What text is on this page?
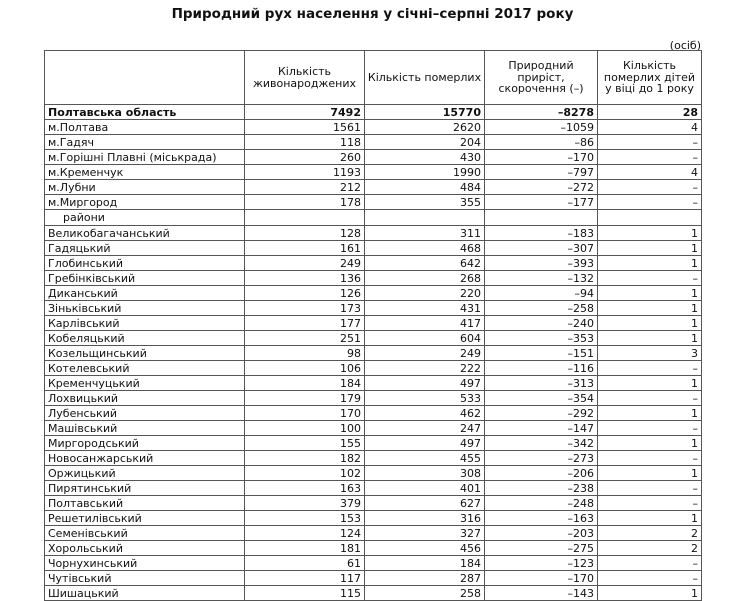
Природний рух населення у січні–серпні 2017 року
(осіб)
	Кількість живонароджених	Кількість померлих	Природний приріст, скорочення (–)	Кількість померлих дітей у віці до 1 року
Полтавська область	7492	15770	–8278	28
м.Полтава	1561	2620	–1059	4
м.Гадяч	118	204	–86	–
м.Горішні Плавні (міськрада)	260	430	–170	–
м.Кременчук	1193	1990	–797	4
м.Лубни	212	484	–272	–
м.Миргород	178	355	–177	–
райони				
Великобагачанський	128	311	–183	1
Гадяцький	161	468	–307	1
Глобинський	249	642	–393	1
Гребінківський	136	268	–132	–
Диканський	126	220	–94	1
Зіньківський	173	431	–258	1
Карлівський	177	417	–240	1
Кобеляцький	251	604	–353	1
Козельщинський	98	249	–151	3
Котелевський	106	222	–116	–
Кременчуцький	184	497	–313	1
Лохвицький	179	533	–354	–
Лубенський	170	462	–292	1
Машівський	100	247	–147	–
Миргородський	155	497	–342	1
Новосанжарський	182	455	–273	–
Оржицький	102	308	–206	1
Пирятинський	163	401	–238	–
Полтавський	379	627	–248	–
Решетилівський	153	316	–163	1
Семенівський	124	327	–203	2
Хорольський	181	456	–275	2
Чорнухинський	61	184	–123	–
Чутівський	117	287	–170	–
Шишацький	115	258	–143	1
